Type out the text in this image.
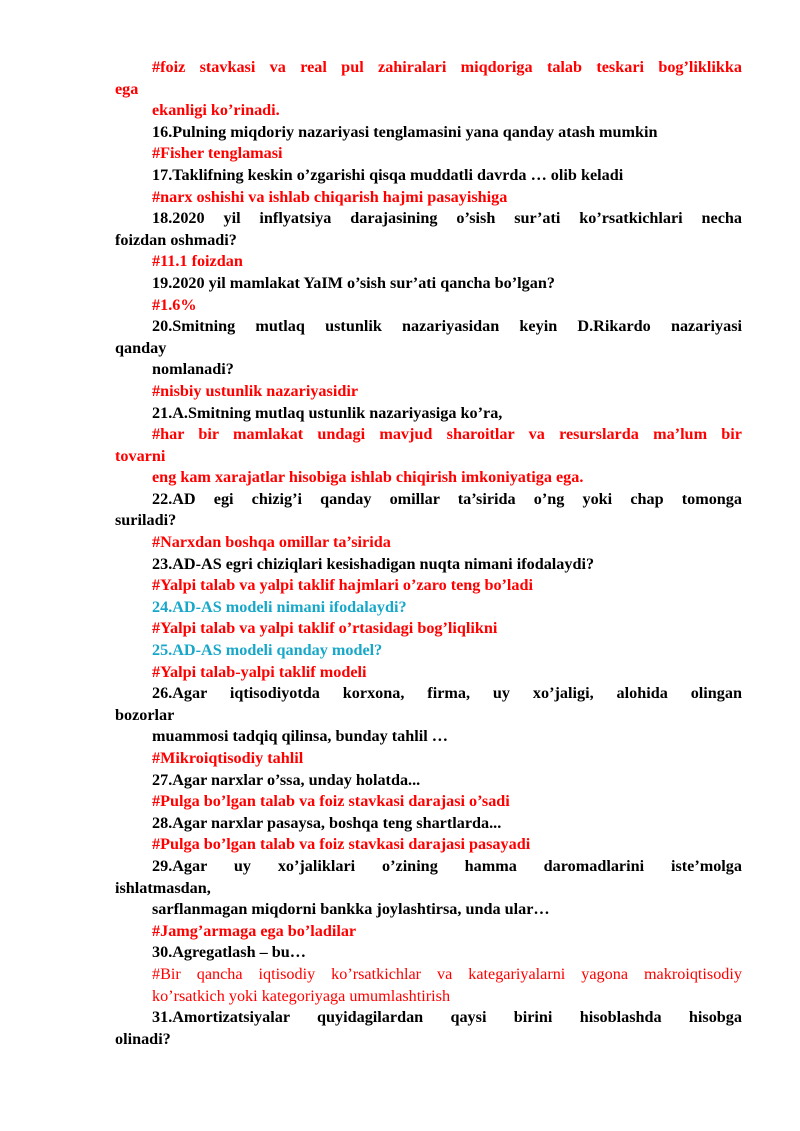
#foiz stavkasi va real pul zahiralari miqdoriga talab teskari bog’liklikka

ega

ekanligi ko’rinadi.

16.Pulning miqdoriy nazariyasi tenglamasini yana qanday atash mumkin

#Fisher tenglamasi

17.Taklifning keskin o’zgarishi qisqa muddatli davrda … olib keladi

#narx oshishi va ishlab chiqarish hajmi pasayishiga

18.2020 yil inflyatsiya darajasining o’sish sur’ati ko’rsatkichlari necha

foizdan oshmadi?

#11.1 foizdan

19.2020 yil mamlakat YaIM o’sish sur’ati qancha bo’lgan?

#1.6%

20.Smitning mutlaq ustunlik nazariyasidan keyin D.Rikardo nazariyasi

qanday

nomlanadi?

#nisbiy ustunlik nazariyasidir

21.A.Smitning mutlaq ustunlik nazariyasiga ko’ra,

#har bir mamlakat undagi mavjud sharoitlar va resurslarda ma’lum bir

tovarni

eng kam xarajatlar hisobiga ishlab chiqirish imkoniyatiga ega.

22.AD egi chizig’i qanday omillar ta’sirida o’ng yoki chap tomonga

suriladi?

#Narxdan boshqa omillar ta’sirida

23.AD-AS egri chiziqlari kesishadigan nuqta nimani ifodalaydi?

#Yalpi talab va yalpi taklif hajmlari o’zaro teng bo’ladi

24.AD-AS modeli nimani ifodalaydi?

#Yalpi talab va yalpi taklif o’rtasidagi bog’liqlikni

25.AD-AS modeli qanday model?

#Yalpi talab-yalpi taklif modeli

26.Agar iqtisodiyotda korxona, firma, uy xo’jaligi, alohida olingan

bozorlar

muammosi tadqiq qilinsa, bunday tahlil …

#Mikroiqtisodiy tahlil

27.Agar narxlar o’ssa, unday holatda...

#Pulga bo’lgan talab va foiz stavkasi darajasi o’sadi

28.Agar narxlar pasaysa, boshqa teng shartlarda...

#Pulga bo’lgan talab va foiz stavkasi darajasi pasayadi

29.Agar uy xo’jaliklari o’zining hamma daromadlarini iste’molga

ishlatmasdan,

sarflanmagan miqdorni bankka joylashtirsa, unda ular…

#Jamg’armaga ega bo’ladilar

30.Agregatlash – bu…

#Bir qancha iqtisodiy ko’rsatkichlar va kategariyalarni yagona makroiqtisodiy

ko’rsatkich yoki kategoriyaga umumlashtirish

31.Amortizatsiyalar quyidagilardan qaysi birini hisoblashda hisobga

olinadi?
